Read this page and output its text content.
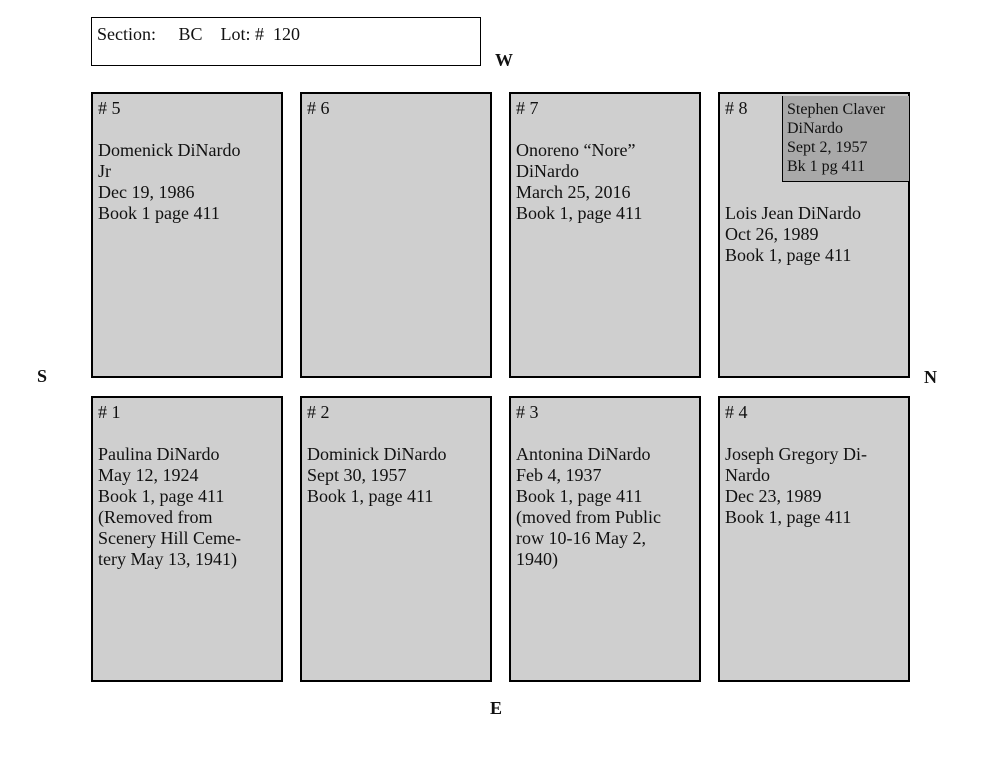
Section: BC Lot: # 120
W
E
S	N
# 5
Domenick DiNardo
Jr
Dec 19, 1986
Book 1 page 411
# 6	# 7
Onoreno “Nore”
DiNardo
March 25, 2016
Book 1, page 411
# 8
Lois Jean DiNardo
Oct 26, 1989
Book 1, page 411
Stephen Claver
DiNardo
Sept 2, 1957
Bk 1 pg 411
# 1
Paulina DiNardo
May 12, 1924
Book 1, page 411
(Removed from
Scenery Hill Ceme-
tery May 13, 1941)
# 2
Dominick DiNardo
Sept 30, 1957
Book 1, page 411
# 3
Antonina DiNardo
Feb 4, 1937
Book 1, page 411
(moved from Public
row 10-16 May 2,
1940)
# 4
Joseph Gregory Di-
Nardo
Dec 23, 1989
Book 1, page 411
